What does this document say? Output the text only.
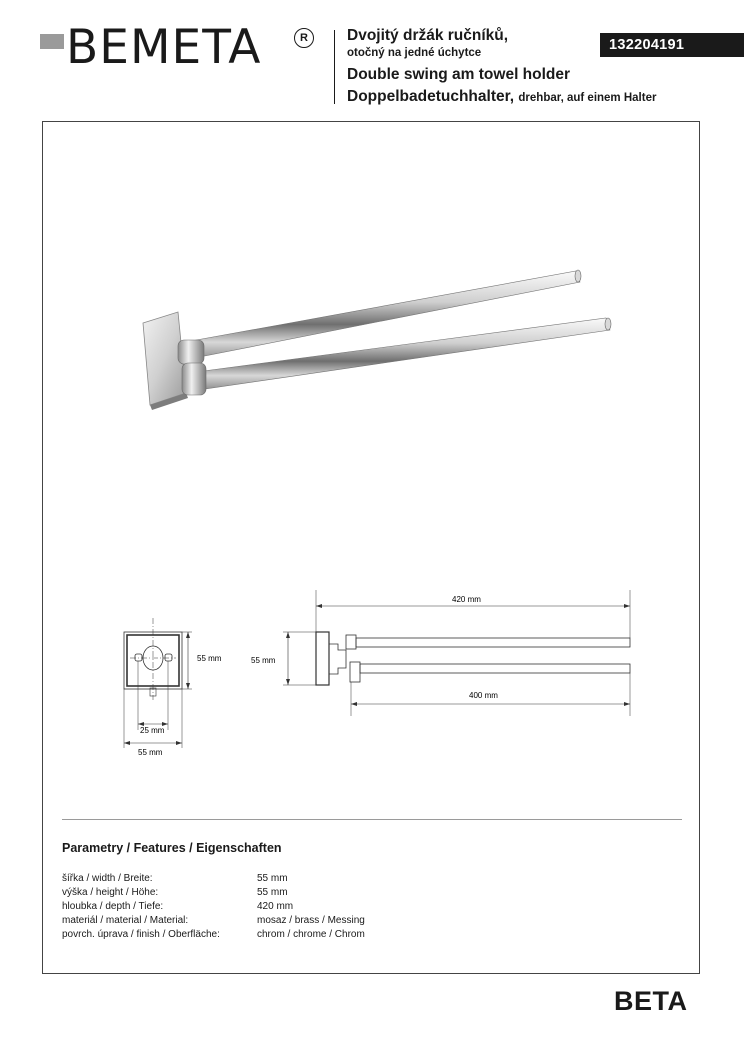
BEMETA	R	Dvojitý držák ručníků,
otočný na jedné úchytce
Double swing am towel holder
Doppelbadetuchhalter, drehbar, auf einem Halter
132204191
55 mm
25 mm
55 mm
55 mm
420 mm
400 mm
Parametry / Features / Eigenschaften
šířka / width / Breite:	55 mm
výška / height / Höhe:	55 mm
hloubka / depth / Tiefe:	420 mm
materiál / material / Material:	mosaz / brass / Messing
povrch. úprava / finish / Oberfläche:	chrom / chrome / Chrom
BETA
